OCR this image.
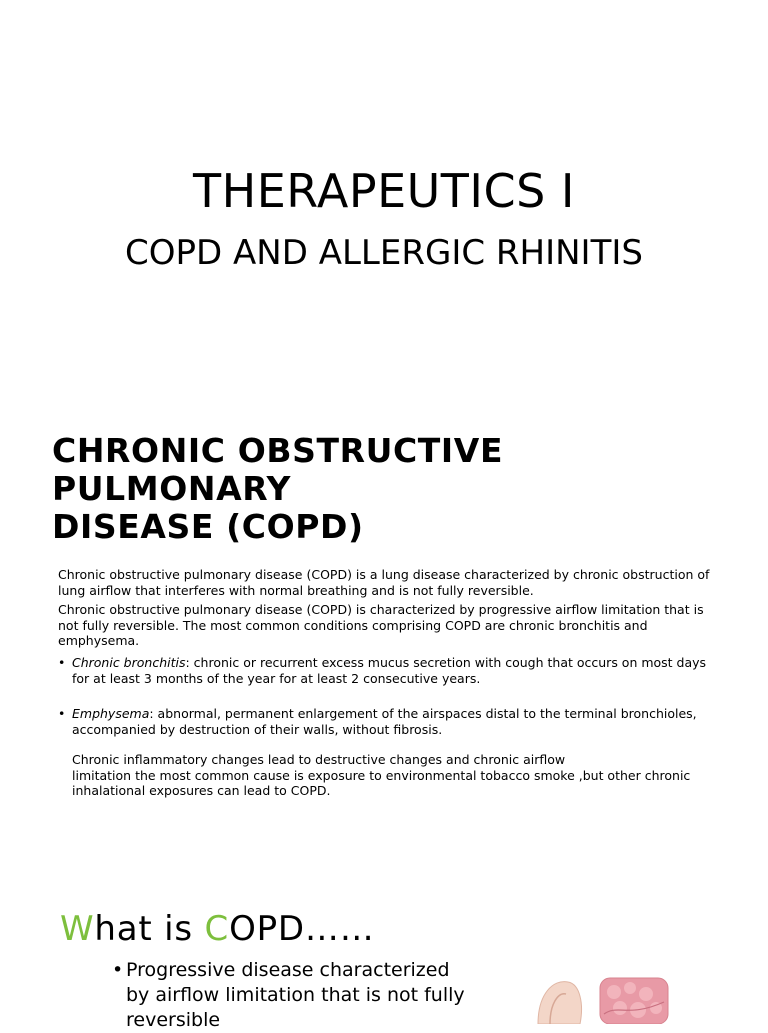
THERAPEUTICS I
COPD AND ALLERGIC RHINITIS
CHRONIC OBSTRUCTIVE
PULMONARY
DISEASE (COPD)

Chronic obstructive pulmonary disease (COPD) is a lung disease characterized by chronic obstruction of lung airflow that interferes with normal breathing and is not fully reversible.

Chronic obstructive pulmonary disease (COPD) is characterized by progressive airflow limitation that is not fully reversible. The most common conditions comprising COPD are chronic bronchitis and emphysema.

• Chronic bronchitis: chronic or recurrent excess mucus secretion with cough that occurs on most days for at least 3 months of the year for at least 2 consecutive years.
• Emphysema: abnormal, permanent enlargement of the airspaces distal to the terminal bronchioles, accompanied by destruction of their walls, without fibrosis.
Chronic inflammatory changes lead to destructive changes and chronic airflow
limitation the most common cause is exposure to environmental tobacco smoke ,but other chronic
inhalational exposures can lead to COPD.
What is COPD……
• Progressive disease characterized by airflow limitation that is not fully reversible
